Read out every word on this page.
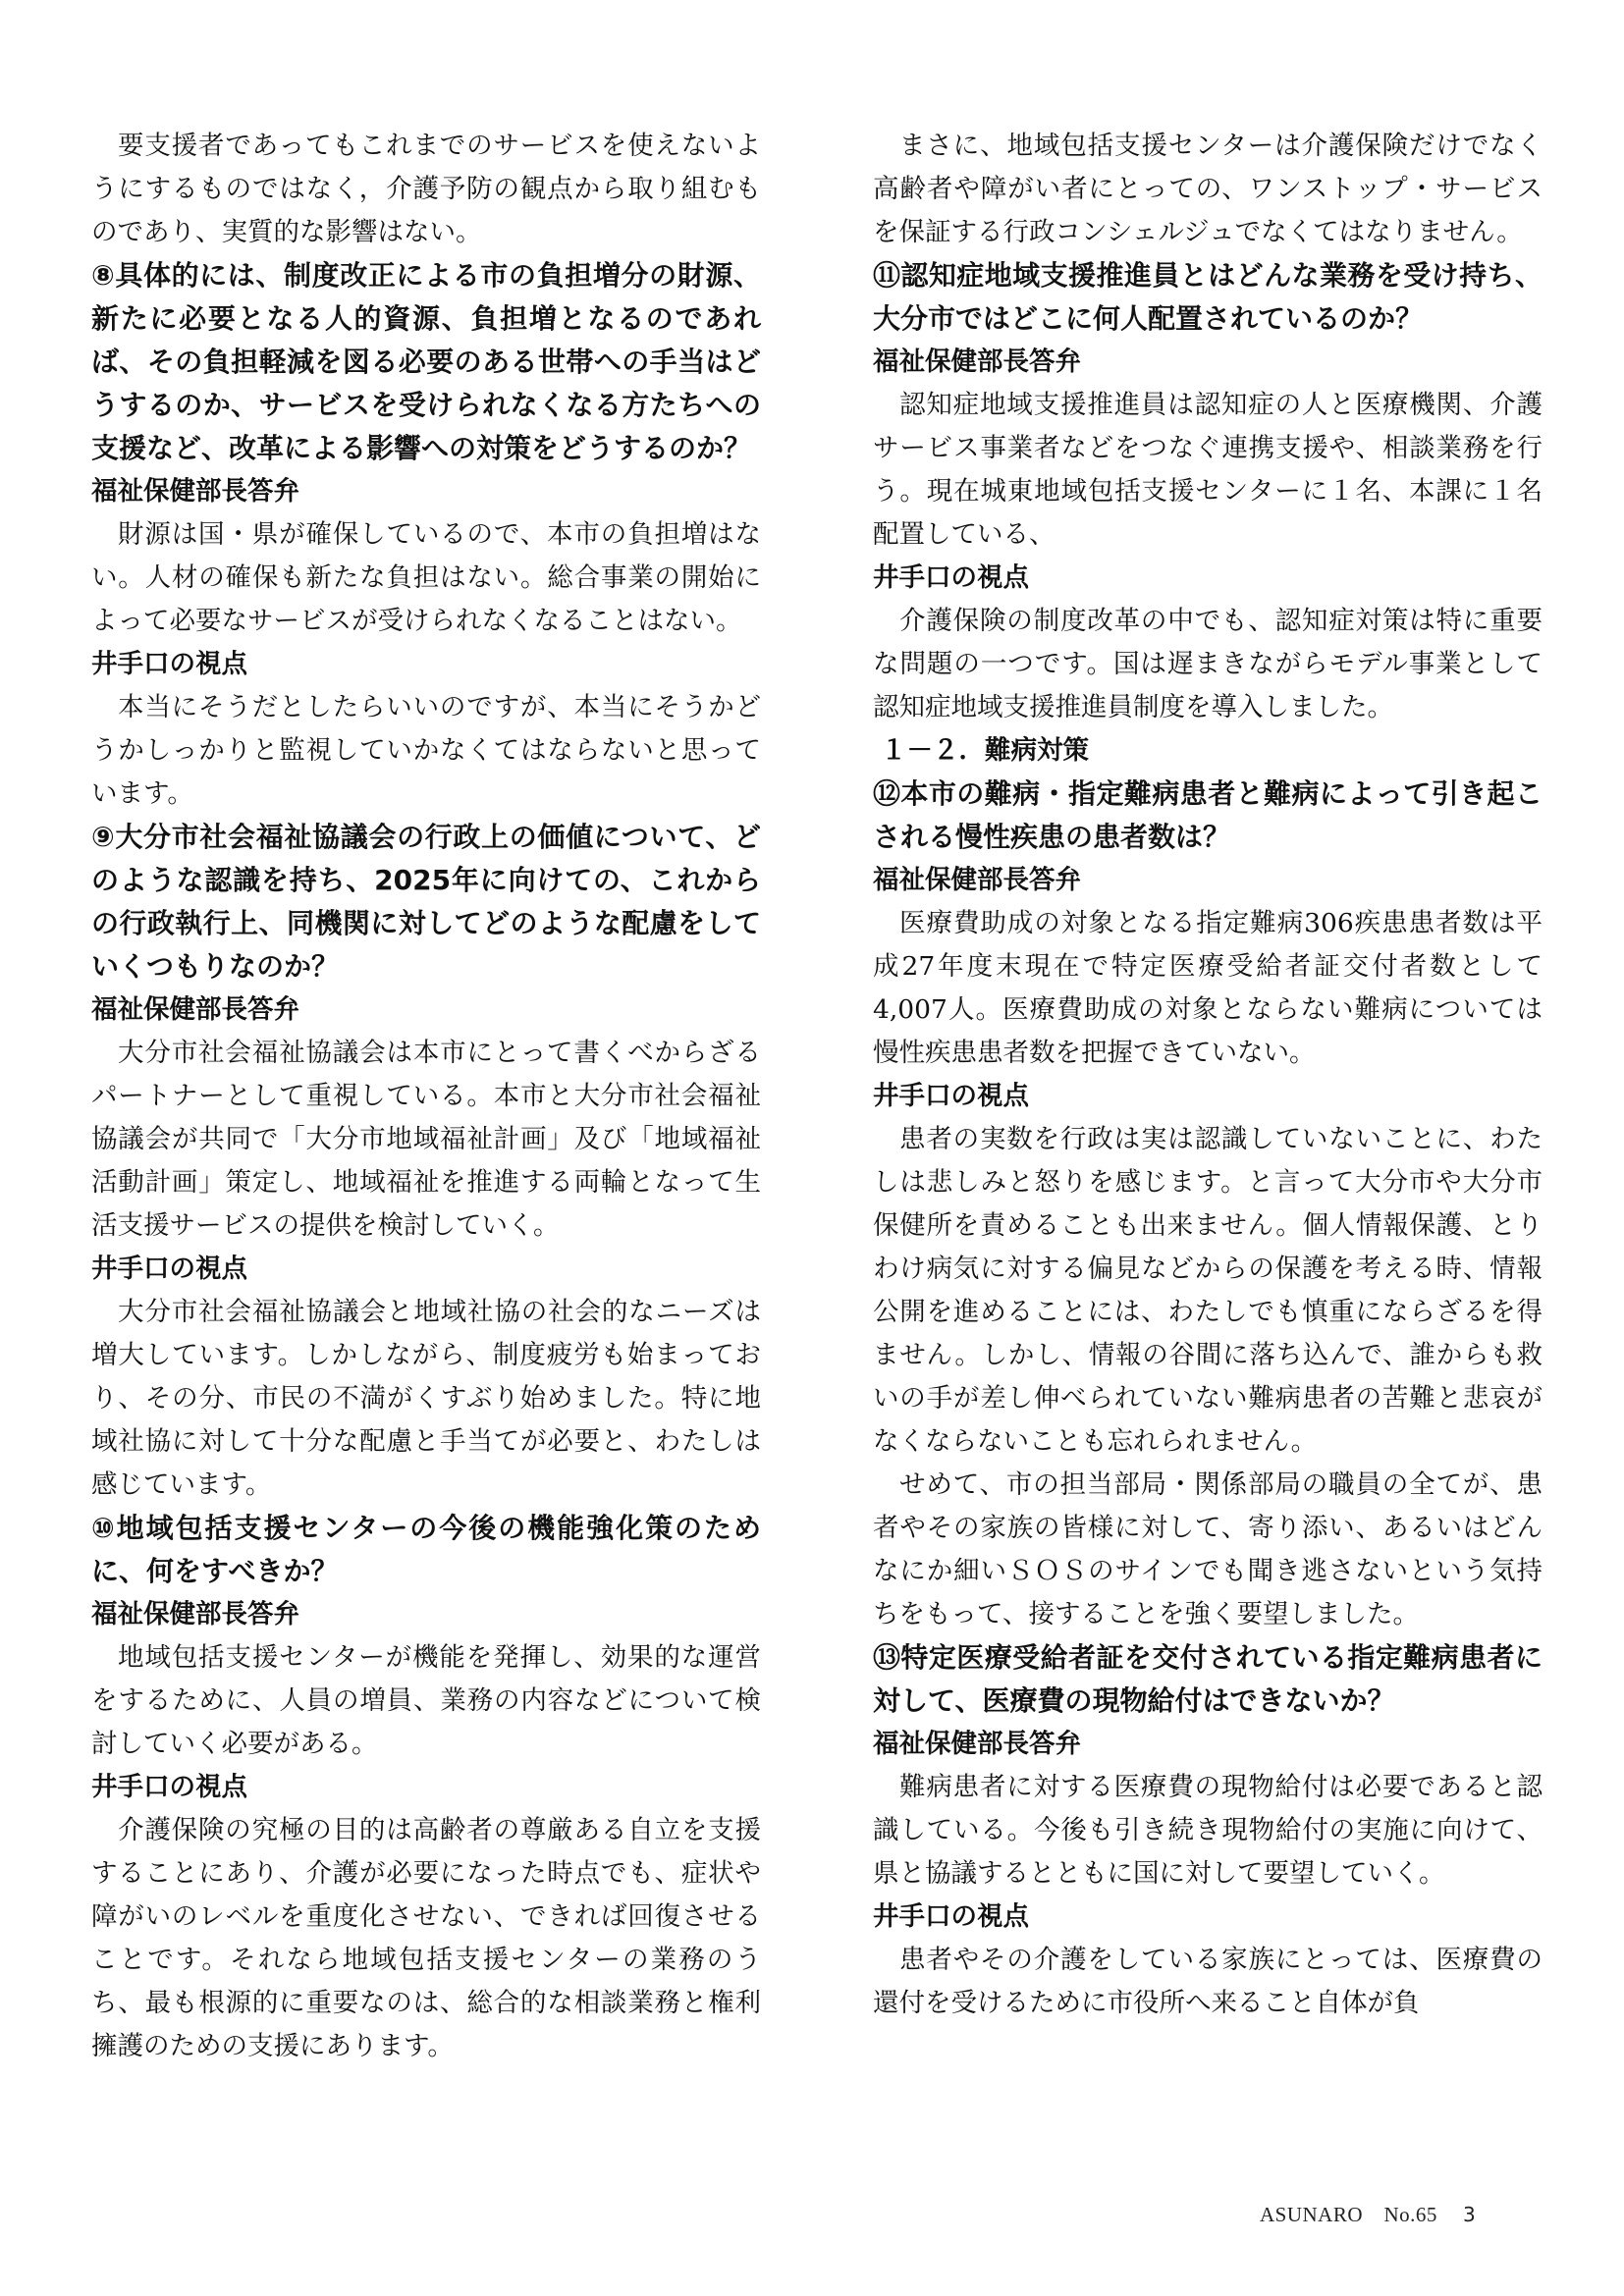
要支援者であってもこれまでのサービスを使えないようにするものではなく，介護予防の観点から取り組むものであり、実質的な影響はない。

⑧具体的には、制度改正による市の負担増分の財源、新たに必要となる人的資源、負担増となるのであれば、その負担軽減を図る必要のある世帯への手当はどうするのか、サービスを受けられなくなる方たちへの支援など、改革による影響への対策をどうするのか？

福祉保健部長答弁

財源は国・県が確保しているので、本市の負担増はない。人材の確保も新たな負担はない。総合事業の開始によって必要なサービスが受けられなくなることはない。

井手口の視点

本当にそうだとしたらいいのですが、本当にそうかどうかしっかりと監視していかなくてはならないと思っています。

⑨大分市社会福祉協議会の行政上の価値について、どのような認識を持ち、2025年に向けての、これからの行政執行上、同機関に対してどのような配慮をしていくつもりなのか？

福祉保健部長答弁

大分市社会福祉協議会は本市にとって書くべからざるパートナーとして重視している。本市と大分市社会福祉協議会が共同で「大分市地域福祉計画」及び「地域福祉活動計画」策定し、地域福祉を推進する両輪となって生活支援サービスの提供を検討していく。

井手口の視点

大分市社会福祉協議会と地域社協の社会的なニーズは増大しています。しかしながら、制度疲労も始まっており、その分、市民の不満がくすぶり始めました。特に地域社協に対して十分な配慮と手当てが必要と、わたしは感じています。

⑩地域包括支援センターの今後の機能強化策のために、何をすべきか？

福祉保健部長答弁

地域包括支援センターが機能を発揮し、効果的な運営をするために、人員の増員、業務の内容などについて検討していく必要がある。

井手口の視点

介護保険の究極の目的は高齢者の尊厳ある自立を支援することにあり、介護が必要になった時点でも、症状や障がいのレベルを重度化させない、できれば回復させることです。それなら地域包括支援センターの業務のうち、最も根源的に重要なのは、総合的な相談業務と権利擁護のための支援にあります。

まさに、地域包括支援センターは介護保険だけでなく高齢者や障がい者にとっての、ワンストップ・サービスを保証する行政コンシェルジュでなくてはなりません。

⑪認知症地域支援推進員とはどんな業務を受け持ち、大分市ではどこに何人配置されているのか？

福祉保健部長答弁

認知症地域支援推進員は認知症の人と医療機関、介護サービス事業者などをつなぐ連携支援や、相談業務を行う。現在城東地域包括支援センターに１名、本課に１名配置している、

井手口の視点

介護保険の制度改革の中でも、認知症対策は特に重要な問題の一つです。国は遅まきながらモデル事業として認知症地域支援推進員制度を導入しました。

１－２．難病対策

⑫本市の難病・指定難病患者と難病によって引き起こされる慢性疾患の患者数は？

福祉保健部長答弁

医療費助成の対象となる指定難病306疾患患者数は平成27年度末現在で特定医療受給者証交付者数として4,007人。医療費助成の対象とならない難病については慢性疾患患者数を把握できていない。

井手口の視点

患者の実数を行政は実は認識していないことに、わたしは悲しみと怒りを感じます。と言って大分市や大分市保健所を責めることも出来ません。個人情報保護、とりわけ病気に対する偏見などからの保護を考える時、情報公開を進めることには、わたしでも慎重にならざるを得ません。しかし、情報の谷間に落ち込んで、誰からも救いの手が差し伸べられていない難病患者の苦難と悲哀がなくならないことも忘れられません。

せめて、市の担当部局・関係部局の職員の全てが、患者やその家族の皆様に対して、寄り添い、あるいはどんなにか細いＳＯＳのサインでも聞き逃さないという気持ちをもって、接することを強く要望しました。

⑬特定医療受給者証を交付されている指定難病患者に対して、医療費の現物給付はできないか？

福祉保健部長答弁

難病患者に対する医療費の現物給付は必要であると認識している。今後も引き続き現物給付の実施に向けて、県と協議するとともに国に対して要望していく。

井手口の視点

患者やその介護をしている家族にとっては、医療費の還付を受けるために市役所へ来ること自体が負

ASUNARO　No.65 3
